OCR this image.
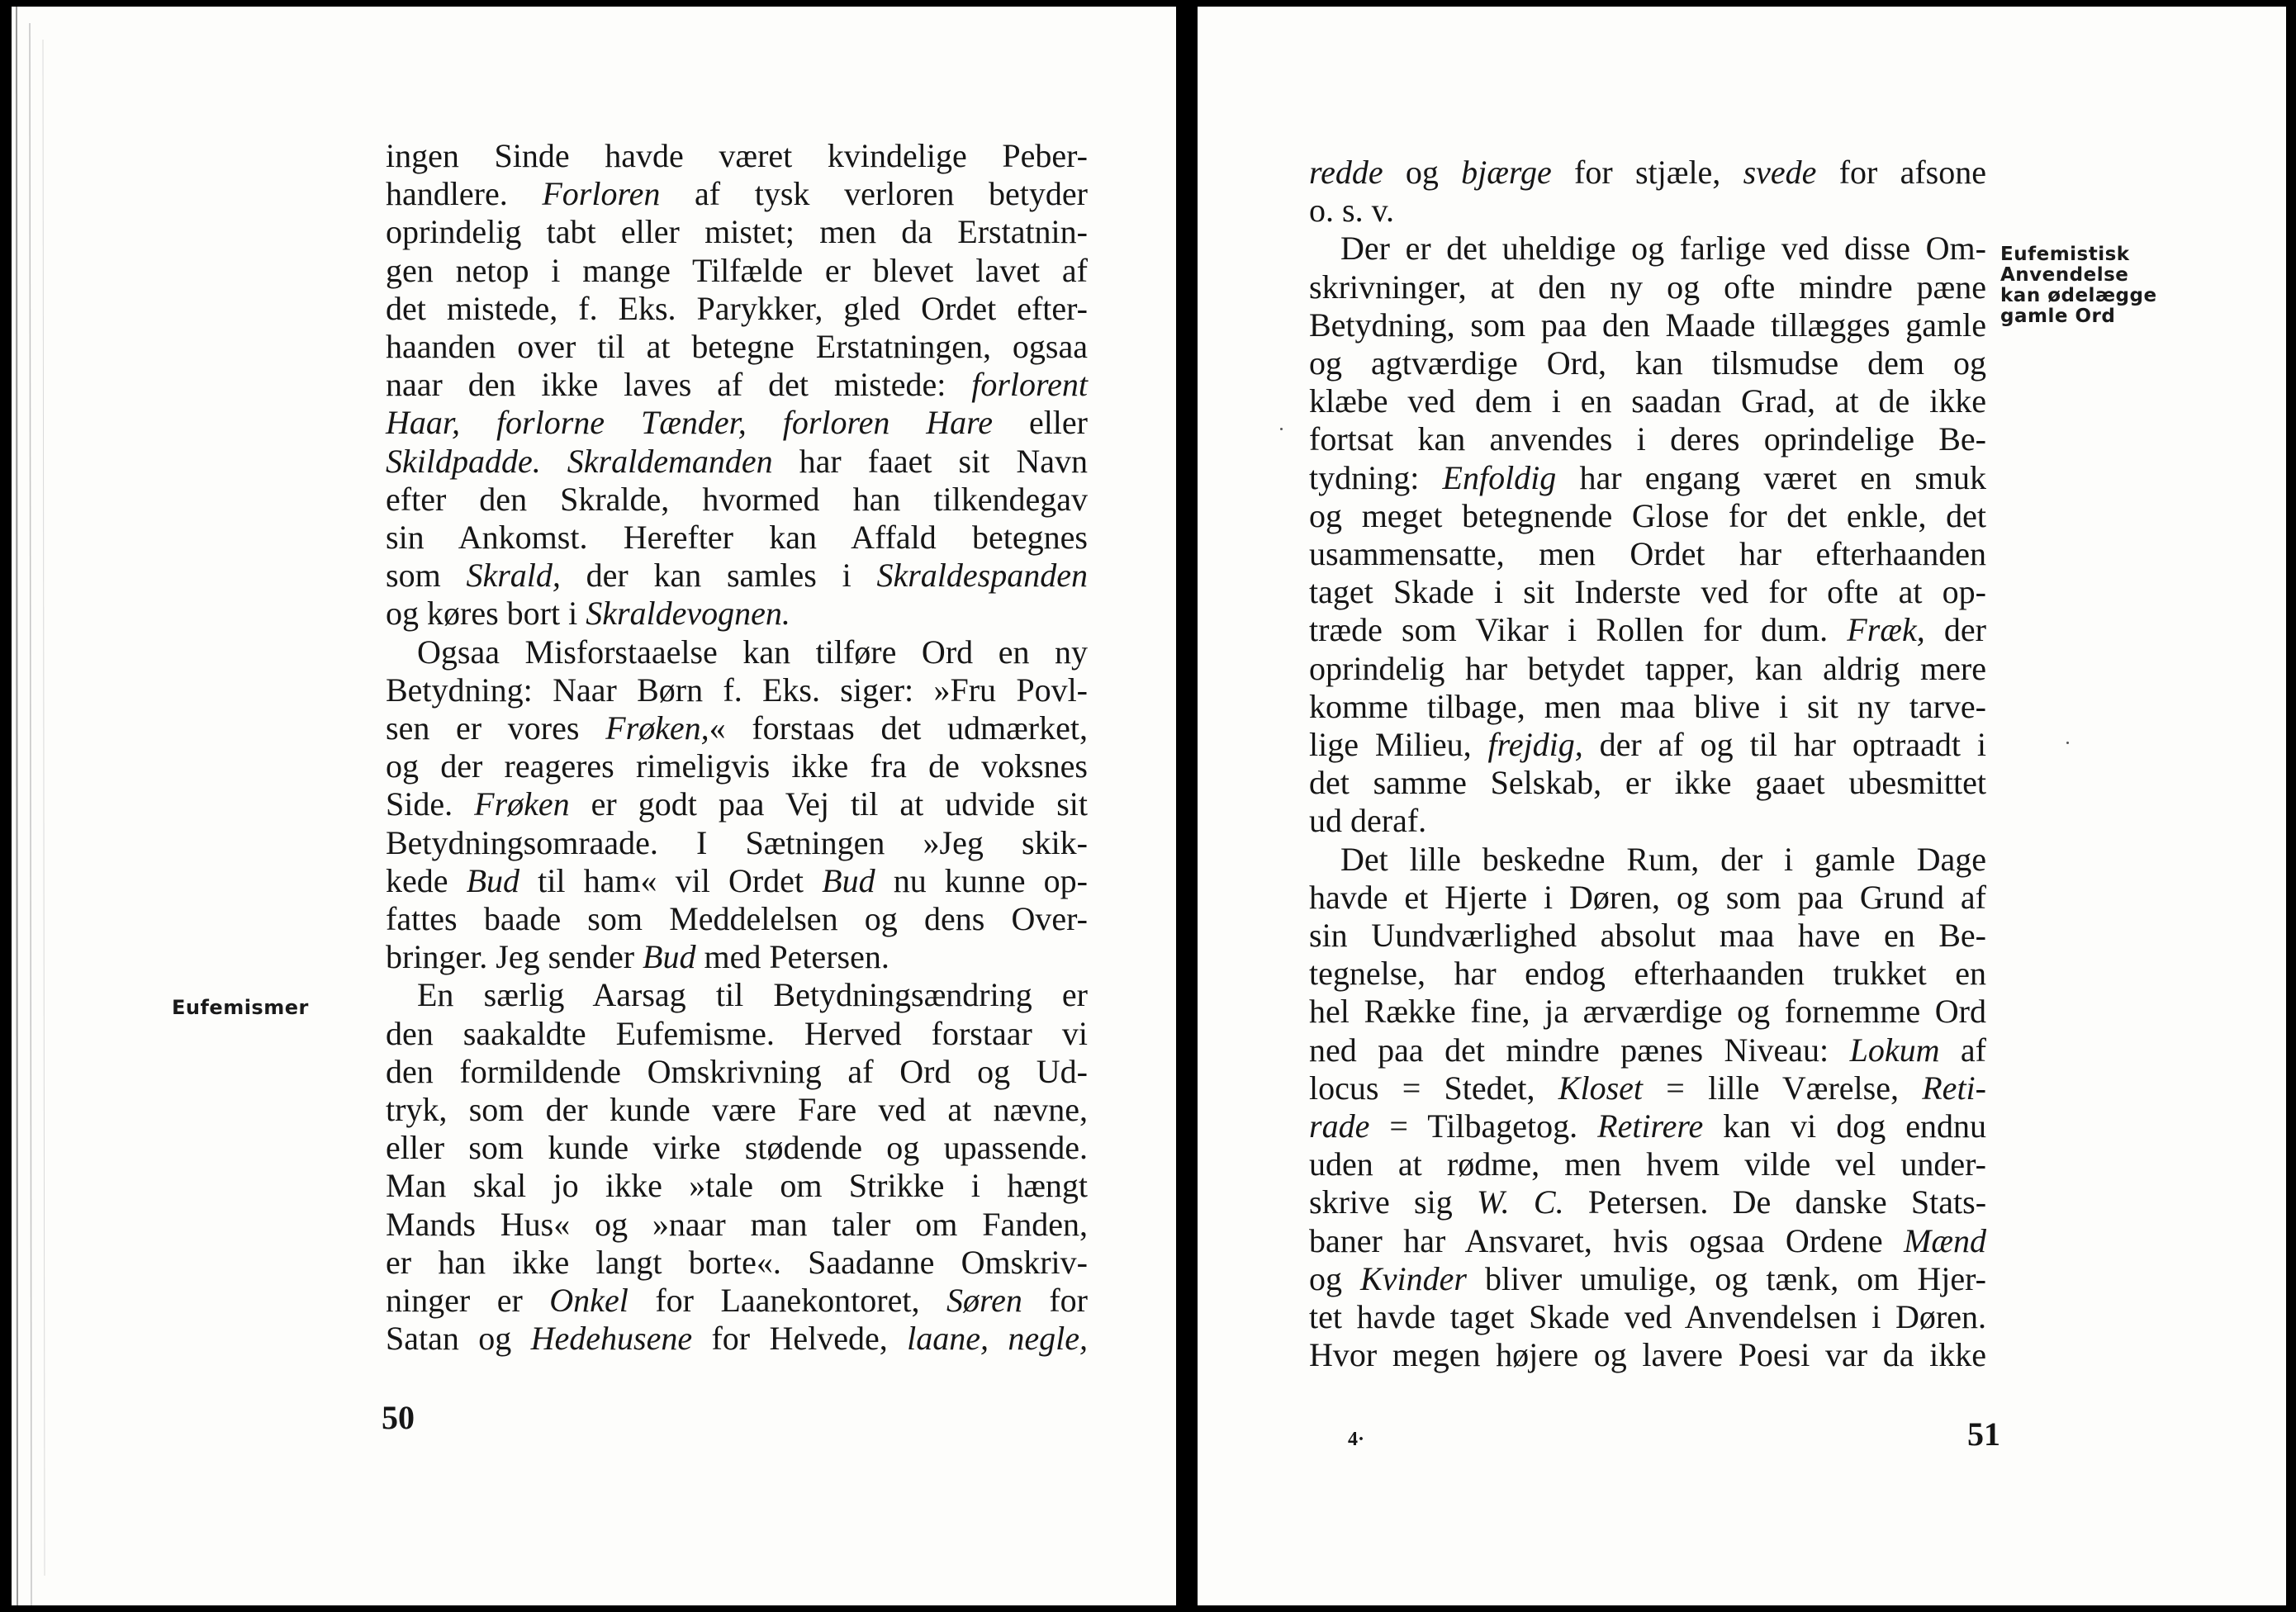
ingen Sinde havde været kvindelige Peber-
handlere. Forloren af tysk verloren betyder
oprindelig tabt eller mistet; men da Erstatnin-
gen netop i mange Tilfælde er blevet lavet af
det mistede, f. Eks. Parykker, gled Ordet efter-
haanden over til at betegne Erstatningen, ogsaa
naar den ikke laves af det mistede: forlorent
Haar, forlorne Tænder, forloren Hare eller
Skildpadde. Skraldemanden har faaet sit Navn
efter den Skralde, hvormed han tilkendegav
sin Ankomst. Herefter kan Affald betegnes
som Skrald, der kan samles i Skraldespanden
og køres bort i Skraldevognen.
Ogsaa Misforstaaelse kan tilføre Ord en ny
Betydning: Naar Børn f. Eks. siger: »Fru Povl-
sen er vores Frøken,« forstaas det udmærket,
og der reageres rimeligvis ikke fra de voksnes
Side. Frøken er godt paa Vej til at udvide sit
Betydningsomraade. I Sætningen »Jeg skik-
kede Bud til ham« vil Ordet Bud nu kunne op-
fattes baade som Meddelelsen og dens Over-
bringer. Jeg sender Bud med Petersen.
En særlig Aarsag til Betydningsændring er
den saakaldte Eufemisme. Herved forstaar vi
den formildende Omskrivning af Ord og Ud-
tryk, som der kunde være Fare ved at nævne,
eller som kunde virke stødende og upassende.
Man skal jo ikke »tale om Strikke i hængt
Mands Hus« og »naar man taler om Fanden,
er han ikke langt borte«. Saadanne Omskriv-
ninger er Onkel for Laanekontoret, Søren for
Satan og Hedehusene for Helvede, laane, negle,
Eufemismer
50
redde og bjærge for stjæle, svede for afsone
o. s. v.
Der er det uheldige og farlige ved disse Om-
skrivninger, at den ny og ofte mindre pæne
Betydning, som paa den Maade tillægges gamle
og agtværdige Ord, kan tilsmudse dem og
klæbe ved dem i en saadan Grad, at de ikke
fortsat kan anvendes i deres oprindelige Be-
tydning: Enfoldig har engang været en smuk
og meget betegnende Glose for det enkle, det
usammensatte, men Ordet har efterhaanden
taget Skade i sit Inderste ved for ofte at op-
træde som Vikar i Rollen for dum. Fræk, der
oprindelig har betydet tapper, kan aldrig mere
komme tilbage, men maa blive i sit ny tarve-
lige Milieu, frejdig, der af og til har optraadt i
det samme Selskab, er ikke gaaet ubesmittet
ud deraf.
Det lille beskedne Rum, der i gamle Dage
havde et Hjerte i Døren, og som paa Grund af
sin Uundværlighed absolut maa have en Be-
tegnelse, har endog efterhaanden trukket en
hel Række fine, ja ærværdige og fornemme Ord
ned paa det mindre pænes Niveau: Lokum af
locus = Stedet, Kloset = lille Værelse, Reti-
rade = Tilbagetog. Retirere kan vi dog endnu
uden at rødme, men hvem vilde vel under-
skrive sig W. C. Petersen. De danske Stats-
baner har Ansvaret, hvis ogsaa Ordene Mænd
og Kvinder bliver umulige, og tænk, om Hjer-
tet havde taget Skade ved Anvendelsen i Døren.
Hvor megen højere og lavere Poesi var da ikke
Eufemistisk
Anvendelse
kan ødelægge
gamle Ord
51
4·
